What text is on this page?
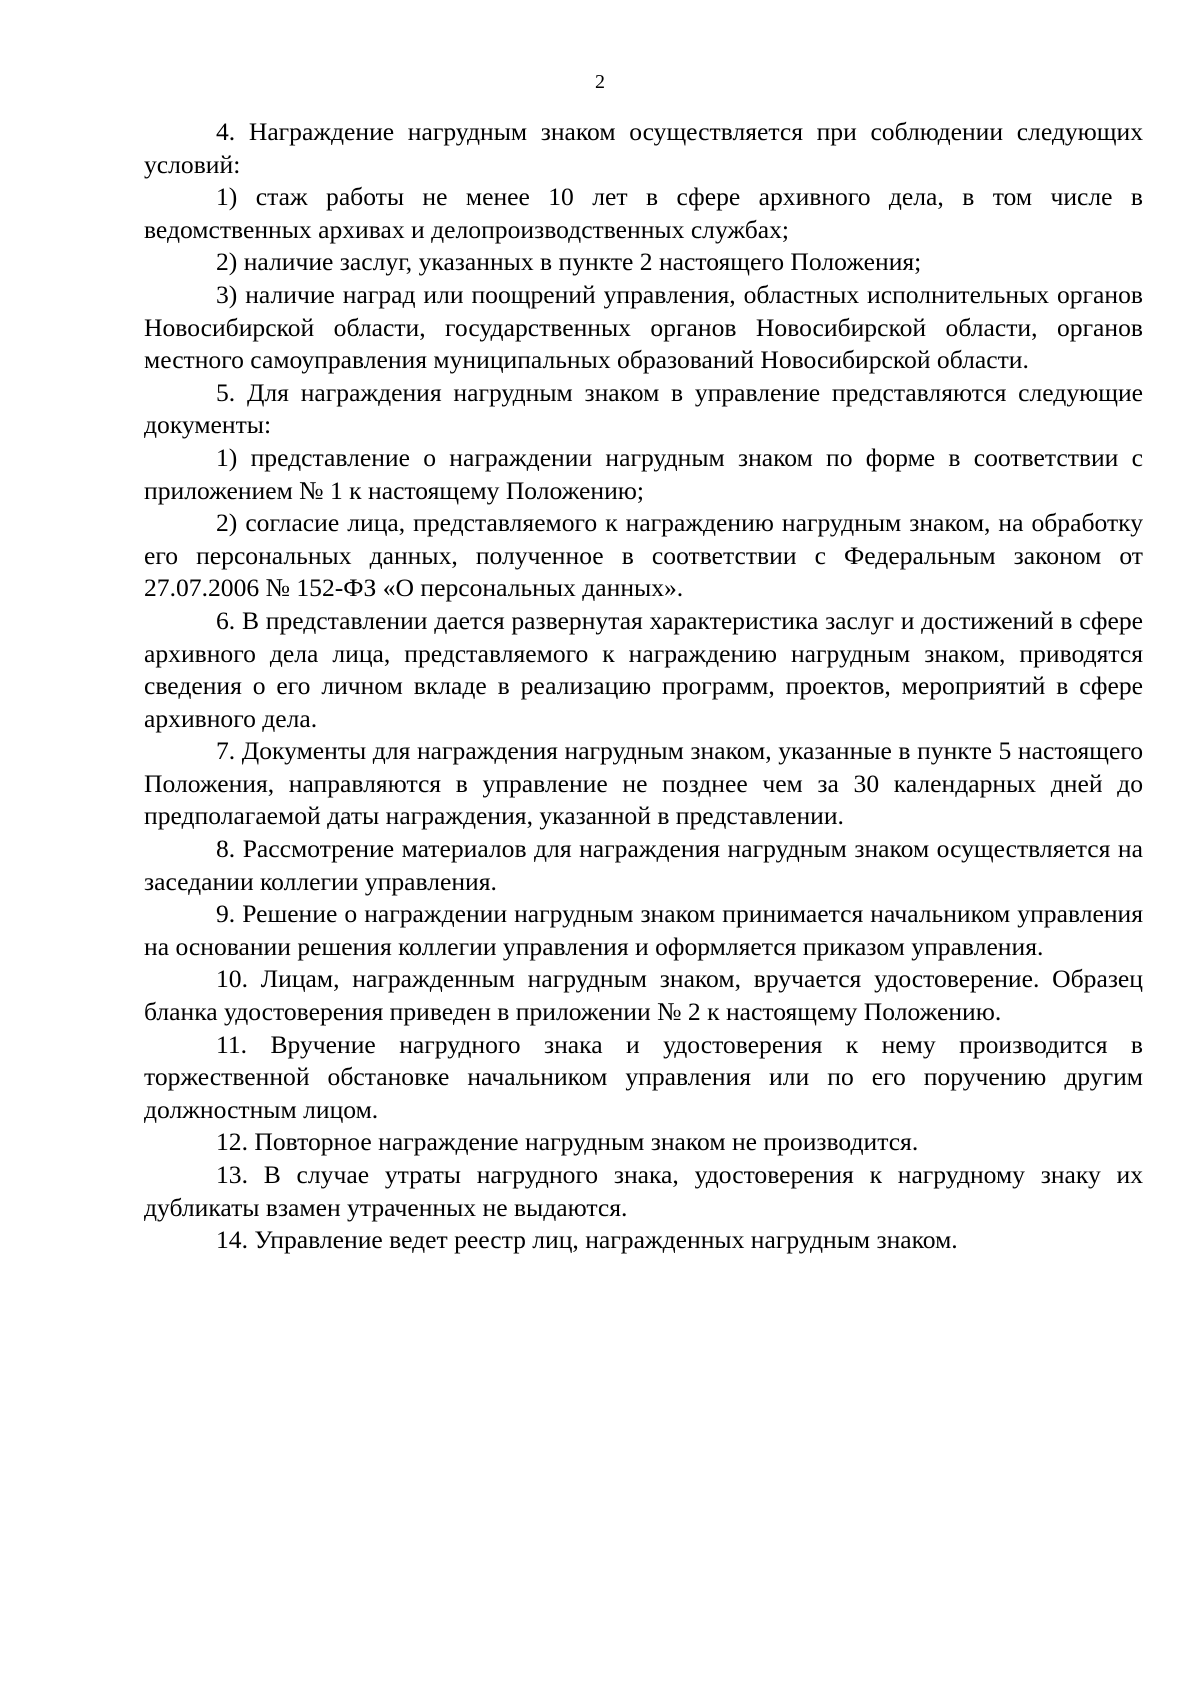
2

4. Награждение нагрудным знаком осуществляется при соблюдении следующих условий:

1) стаж работы не менее 10 лет в сфере архивного дела, в том числе в ведомственных архивах и делопроизводственных службах;

2) наличие заслуг, указанных в пункте 2 настоящего Положения;

3) наличие наград или поощрений управления, областных исполнительных органов Новосибирской области, государственных органов Новосибирской области, органов местного самоуправления муниципальных образований Новосибирской области.

5. Для награждения нагрудным знаком в управление представляются следующие документы:

1) представление о награждении нагрудным знаком по форме в соответствии с приложением № 1 к настоящему Положению;

2) согласие лица, представляемого к награждению нагрудным знаком, на обработку его персональных данных, полученное в соответствии с Федеральным законом от 27.07.2006 № 152-ФЗ «О персональных данных».

6. В представлении дается развернутая характеристика заслуг и достижений в сфере архивного дела лица, представляемого к награждению нагрудным знаком, приводятся сведения о его личном вкладе в реализацию программ, проектов, мероприятий в сфере архивного дела.

7. Документы для награждения нагрудным знаком, указанные в пункте 5 настоящего Положения, направляются в управление не позднее чем за 30 календарных дней до предполагаемой даты награждения, указанной в представлении.

8. Рассмотрение материалов для награждения нагрудным знаком осуществляется на заседании коллегии управления.

9. Решение о награждении нагрудным знаком принимается начальником управления на основании решения коллегии управления и оформляется приказом управления.

10. Лицам, награжденным нагрудным знаком, вручается удостоверение. Образец бланка удостоверения приведен в приложении № 2 к настоящему Положению.

11. Вручение нагрудного знака и удостоверения к нему производится в торжественной обстановке начальником управления или по его поручению другим должностным лицом.

12. Повторное награждение нагрудным знаком не производится.

13. В случае утраты нагрудного знака, удостоверения к нагрудному знаку их дубликаты взамен утраченных не выдаются.

14. Управление ведет реестр лиц, награжденных нагрудным знаком.
